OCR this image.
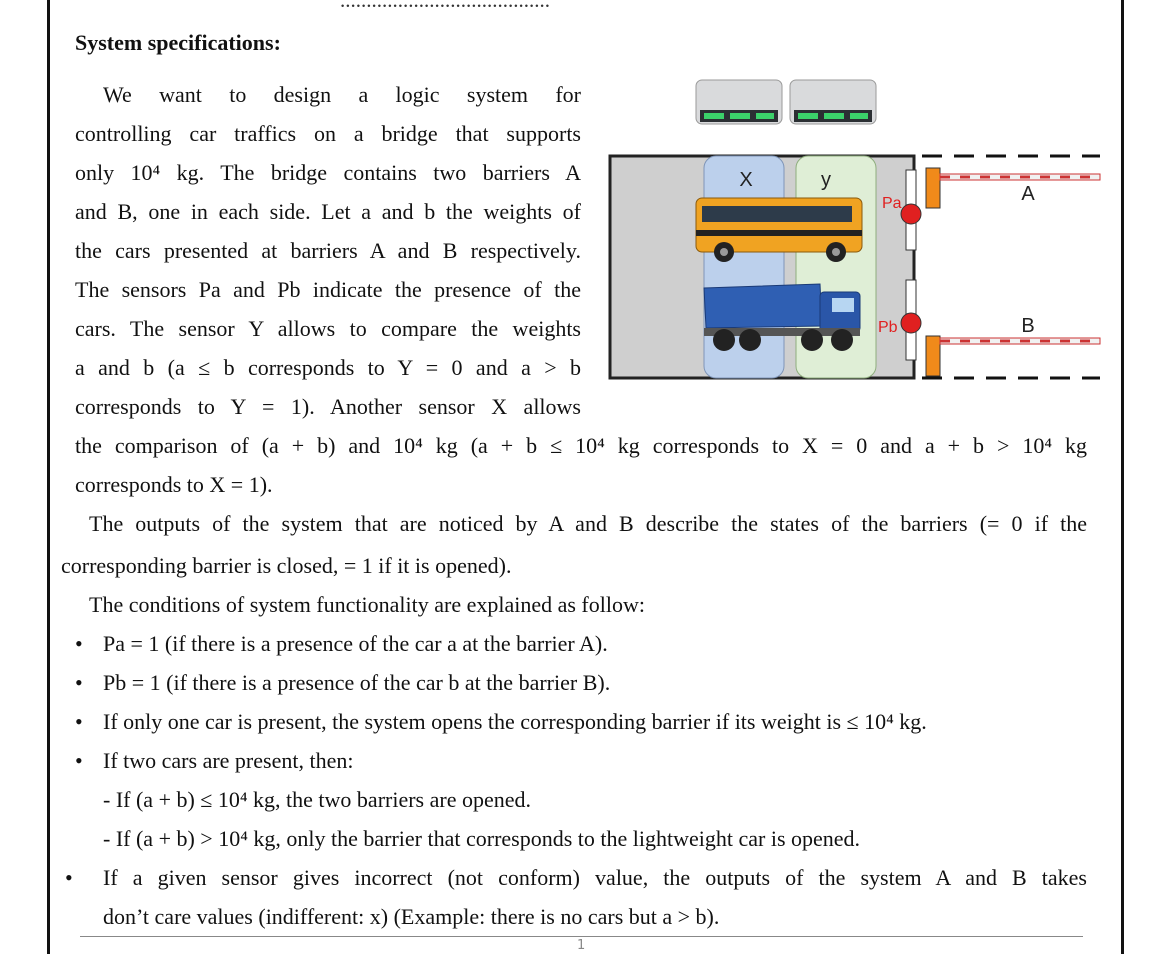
........................................
System specifications:
We want to design a logic system for
controlling car traffics on a bridge that supports
only 10⁴ kg. The bridge contains two barriers A
and B, one in each side. Let a and b the weights of
the cars presented at barriers A and B respectively.
The sensors Pa and Pb indicate the presence of the
cars. The sensor Y allows to compare the weights
a and b (a ≤ b corresponds to Y = 0 and a > b
corresponds to Y = 1). Another sensor X allows
the comparison of (a + b) and 10⁴ kg (a + b ≤ 10⁴ kg corresponds to X = 0 and a + b > 10⁴ kg
corresponds to X = 1).
The outputs of the system that are noticed by A and B describe the states of the barriers (= 0 if the
corresponding barrier is closed, = 1 if it is opened).
The conditions of system functionality are explained as follow:
• Pa = 1 (if there is a presence of the car a at the barrier A).
• Pb = 1 (if there is a presence of the car b at the barrier B).
• If only one car is present, the system opens the corresponding barrier if its weight is ≤ 10⁴ kg.
• If two cars are present, then:
- If (a + b) ≤ 10⁴ kg, the two barriers are opened.
- If (a + b) > 10⁴ kg, only the barrier that corresponds to the lightweight car is opened.
• If a given sensor gives incorrect (not conform) value, the outputs of the system A and B takes
don’t care values (indifferent: x) (Example: there is no cars but a > b).
1
X	y
Pa
Pb
A
B
